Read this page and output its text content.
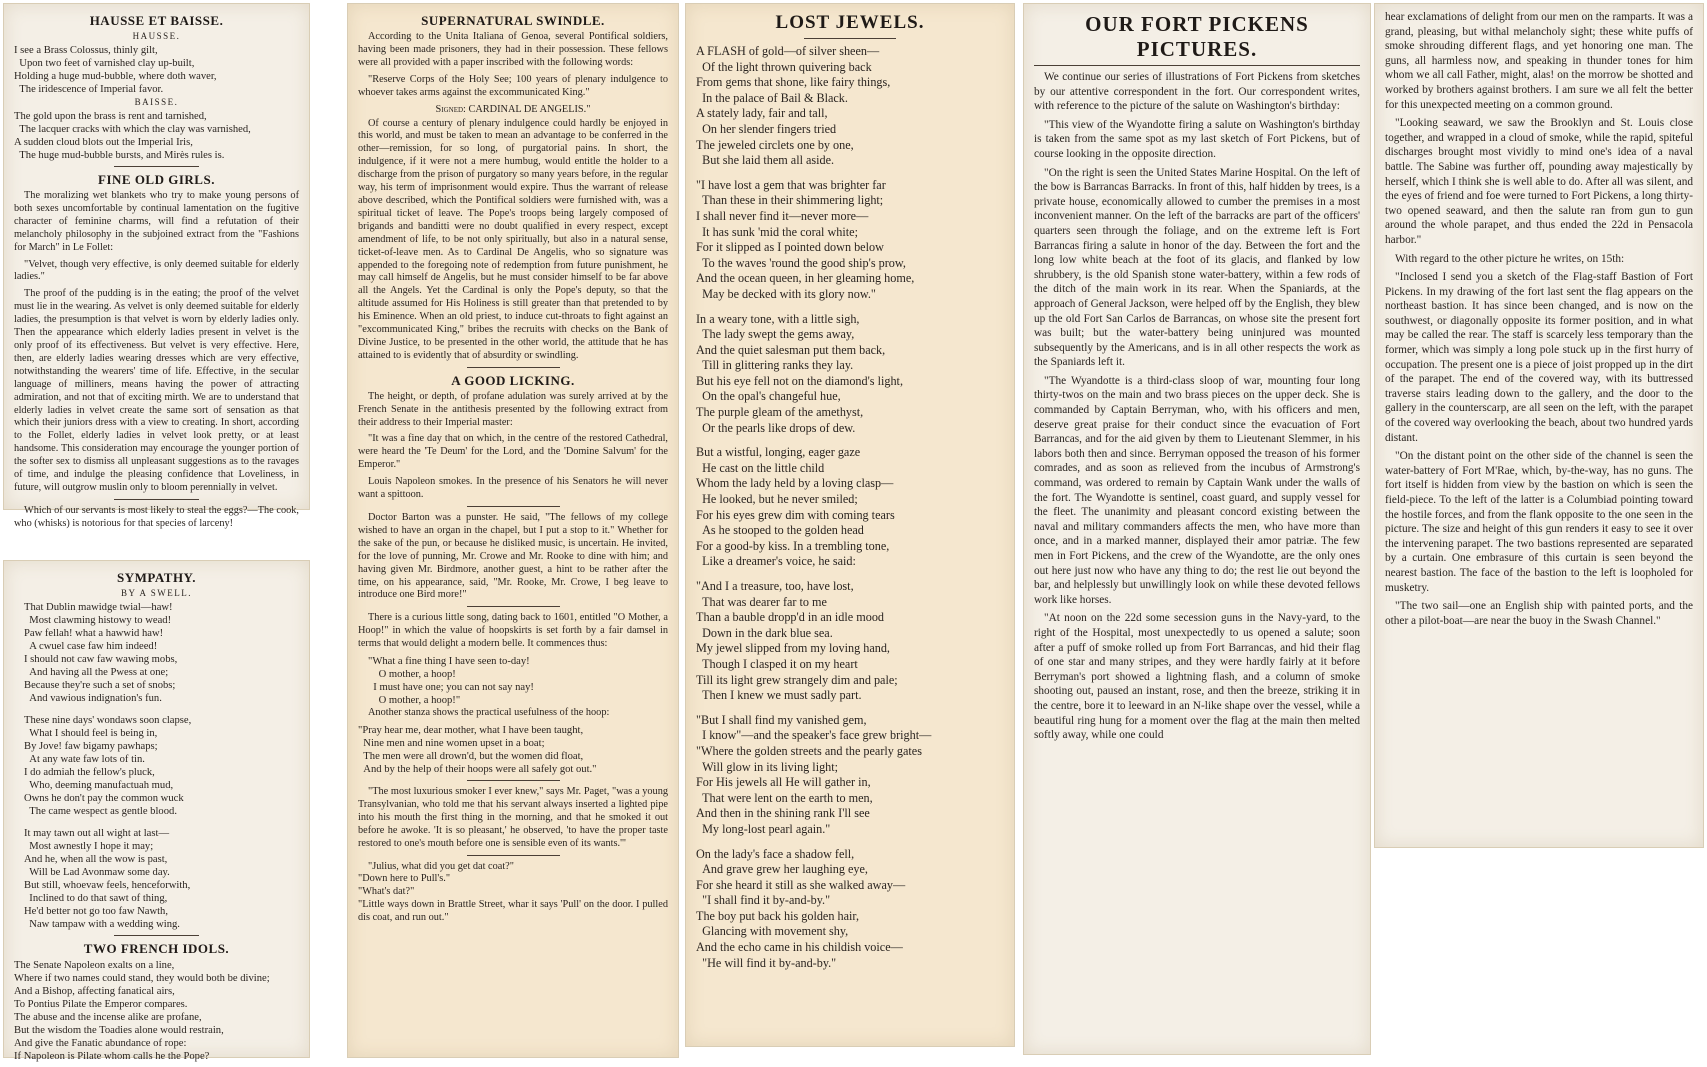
HAUSSE ET BAISSE.
HAUSSE.

I see a Brass Colossus, thinly gilt,
Upon two feet of varnished clay up-built,
Holding a huge mud-bubble, where doth waver,
The iridescence of Imperial favor.

BAISSE.

The gold upon the brass is rent and tarnished,
The lacquer cracks with which the clay was varnished,
A sudden cloud blots out the Imperial Iris,
The huge mud-bubble bursts, and Mirès rules is.

FINE OLD GIRLS.

The moralizing wet blankets who try to make young persons of both sexes uncomfortable by continual lamentation on the fugitive character of feminine charms, will find a refutation of their melancholy philosophy in the subjoined extract from the "Fashions for March" in Le Follet:

"Velvet, though very effective, is only deemed suitable for elderly ladies."

The proof of the pudding is in the eating; the proof of the velvet must lie in the wearing. As velvet is only deemed suitable for elderly ladies, the presumption is that velvet is worn by elderly ladies only. Then the appearance which elderly ladies present in velvet is the only proof of its effectiveness. But velvet is very effective. Here, then, are elderly ladies wearing dresses which are very effective, notwithstanding the wearers' time of life. Effective, in the secular language of milliners, means having the power of attracting admiration, and not that of exciting mirth. We are to understand that elderly ladies in velvet create the same sort of sensation as that which their juniors dress with a view to creating. In short, according to the Follet, elderly ladies in velvet look pretty, or at least handsome. This consideration may encourage the younger portion of the softer sex to dismiss all unpleasant suggestions as to the ravages of time, and indulge the pleasing confidence that Loveliness, in future, will outgrow muslin only to bloom perennially in velvet.

Which of our servants is most likely to steal the eggs?—The cook, who (whisks) is notorious for that species of larceny!

SYMPATHY.
BY A SWELL.

That Dublin mawidge twial—haw!
Most clawming histowy to wead!
Paw fellah! what a hawwid haw!
A cwuel case faw him indeed!
I should not caw faw wawing mobs,
And having all the Pwess at one;
Because they're such a set of snobs;
And vawious indignation's fun.

These nine days' wondaws soon clapse,
What I should feel is being in,
By Jove! faw bigamy pawhaps;
At any wate faw lots of tin.
I do admiah the fellow's pluck,
Who, deeming manufactuah mud,
Owns he don't pay the common wuck
The came wespect as gentle blood.

It may tawn out all wight at last—
Most awnestly I hope it may;
And he, when all the wow is past,
Will be Lad Avonmaw some day.
But still, whoevaw feels, henceforwith,
Inclined to do that sawt of thing,
He'd better not go too faw Nawth,
Naw tampaw with a wedding wing.

TWO FRENCH IDOLS.

The Senate Napoleon exalts on a line,
Where if two names could stand, they would both be divine;
And a Bishop, affecting fanatical airs,
To Pontius Pilate the Emperor compares.
The abuse and the incense alike are profane,
But the wisdom the Toadies alone would restrain,
And give the Fanatic abundance of rope:
If Napoleon is Pilate whom calls he the Pope?

SUPERNATURAL SWINDLE.

According to the Unita Italiana of Genoa, several Pontifical soldiers, having been made prisoners, they had in their possession. These fellows were all provided with a paper inscribed with the following words:

"Reserve Corps of the Holy See; 100 years of plenary indulgence to whoever takes arms against the excommunicated King."

Signed: CARDINAL DE ANGELIS."

Of course a century of plenary indulgence could hardly be enjoyed in this world, and must be taken to mean an advantage to be conferred in the other—remission, for so long, of purgatorial pains. In short, the indulgence, if it were not a mere humbug, would entitle the holder to a discharge from the prison of purgatory so many years before, in the regular way, his term of imprisonment would expire. Thus the warrant of release above described, which the Pontifical soldiers were furnished with, was a spiritual ticket of leave. The Pope's troops being largely composed of brigands and banditti were no doubt qualified in every respect, except amendment of life, to be not only spiritually, but also in a natural sense, ticket-of-leave men. As to Cardinal De Angelis, who so signature was appended to the foregoing note of redemption from future punishment, he may call himself de Angelis, but he must consider himself to be far above all the Angels. Yet the Cardinal is only the Pope's deputy, so that the altitude assumed for His Holiness is still greater than that pretended to by his Eminence. When an old priest, to induce cut-throats to fight against an "excommunicated King," bribes the recruits with checks on the Bank of Divine Justice, to be presented in the other world, the attitude that he has attained to is evidently that of absurdity or swindling.

A GOOD LICKING.

The height, or depth, of profane adulation was surely arrived at by the French Senate in the antithesis presented by the following extract from their address to their Imperial master:

"It was a fine day that on which, in the centre of the restored Cathedral, were heard the 'Te Deum' for the Lord, and the 'Domine Salvum' for the Emperor."

Louis Napoleon smokes. In the presence of his Senators he will never want a spittoon.

Doctor Barton was a punster. He said, "The fellows of my college wished to have an organ in the chapel, but I put a stop to it." Whether for the sake of the pun, or because he disliked music, is uncertain. He invited, for the love of punning, Mr. Crowe and Mr. Rooke to dine with him; and having given Mr. Birdmore, another guest, a hint to be rather after the time, on his appearance, said, "Mr. Rooke, Mr. Crowe, I beg leave to introduce one Bird more!"

There is a curious little song, dating back to 1601, entitled "O Mother, a Hoop!" in which the value of hoopskirts is set forth by a fair damsel in terms that would delight a modern belle. It commences thus:

"What a fine thing I have seen to-day!
O mother, a hoop!
I must have one; you can not say nay!
O mother, a hoop!"

Another stanza shows the practical usefulness of the hoop:

"Pray hear me, dear mother, what I have been taught,
Nine men and nine women upset in a boat;
The men were all drown'd, but the women did float,
And by the help of their hoops were all safely got out."

"The most luxurious smoker I ever knew," says Mr. Paget, "was a young Transylvanian, who told me that his servant always inserted a lighted pipe into his mouth the first thing in the morning, and that he smoked it out before he awoke. 'It is so pleasant,' he observed, 'to have the proper taste restored to one's mouth before one is sensible even of its wants.'"

"Julius, what did you get dat coat?"
"Down here to Pull's."
"What's dat?"
"Little ways down in Brattle Street, whar it says 'Pull' on the door. I pulled dis coat, and run out."

LOST JEWELS.

A FLASH of gold—of silver sheen—
Of the light thrown quivering back
From gems that shone, like fairy things,
In the palace of Bail & Black.
A stately lady, fair and tall,
On her slender fingers tried
The jeweled circlets one by one,
But she laid them all aside.

"I have lost a gem that was brighter far
Than these in their shimmering light;
I shall never find it—never more—
It has sunk 'mid the coral white;
For it slipped as I pointed down below
To the waves 'round the good ship's prow,
And the ocean queen, in her gleaming home,
May be decked with its glory now."

In a weary tone, with a little sigh,
The lady swept the gems away,
And the quiet salesman put them back,
Till in glittering ranks they lay.
But his eye fell not on the diamond's light,
On the opal's changeful hue,
The purple gleam of the amethyst,
Or the pearls like drops of dew.

But a wistful, longing, eager gaze
He cast on the little child
Whom the lady held by a loving clasp—
He looked, but he never smiled;
For his eyes grew dim with coming tears
As he stooped to the golden head
For a good-by kiss. In a trembling tone,
Like a dreamer's voice, he said:

"And I a treasure, too, have lost,
That was dearer far to me
Than a bauble dropp'd in an idle mood
Down in the dark blue sea.
My jewel slipped from my loving hand,
Though I clasped it on my heart
Till its light grew strangely dim and pale;
Then I knew we must sadly part.

"But I shall find my vanished gem,
I know"—and the speaker's face grew bright—
"Where the golden streets and the pearly gates
Will glow in its living light;
For His jewels all He will gather in,
That were lent on the earth to men,
And then in the shining rank I'll see
My long-lost pearl again."

On the lady's face a shadow fell,
And grave grew her laughing eye,
For she heard it still as she walked away—
"I shall find it by-and-by."
The boy put back his golden hair,
Glancing with movement shy,
And the echo came in his childish voice—
"He will find it by-and-by."

OUR FORT PICKENS PICTURES.

We continue our series of illustrations of Fort Pickens from sketches by our attentive correspondent in the fort. Our correspondent writes, with reference to the picture of the salute on Washington's birthday:

"This view of the Wyandotte firing a salute on Washington's birthday is taken from the same spot as my last sketch of Fort Pickens, but of course looking in the opposite direction.

"On the right is seen the United States Marine Hospital. On the left of the bow is Barrancas Barracks. In front of this, half hidden by trees, is a private house, economically allowed to cumber the premises in a most inconvenient manner. On the left of the barracks are part of the officers' quarters seen through the foliage, and on the extreme left is Fort Barrancas firing a salute in honor of the day. Between the fort and the long low white beach at the foot of its glacis, and flanked by low shrubbery, is the old Spanish stone water-battery, within a few rods of the ditch of the main work in its rear. When the Spaniards, at the approach of General Jackson, were helped off by the English, they blew up the old Fort San Carlos de Barrancas, on whose site the present fort was built; but the water-battery being uninjured was mounted subsequently by the Americans, and is in all other respects the work as the Spaniards left it.

"The Wyandotte is a third-class sloop of war, mounting four long thirty-twos on the main and two brass pieces on the upper deck. She is commanded by Captain Berryman, who, with his officers and men, deserve great praise for their conduct since the evacuation of Fort Barrancas, and for the aid given by them to Lieutenant Slemmer, in his labors both then and since. Berryman opposed the treason of his former comrades, and as soon as relieved from the incubus of Armstrong's command, was ordered to remain by Captain Wank under the walls of the fort. The Wyandotte is sentinel, coast guard, and supply vessel for the fleet. The unanimity and pleasant concord existing between the naval and military commanders affects the men, who have more than once, and in a marked manner, displayed their amor patriæ. The few men in Fort Pickens, and the crew of the Wyandotte, are the only ones out here just now who have any thing to do; the rest lie out beyond the bar, and helplessly but unwillingly look on while these devoted fellows work like horses.

"At noon on the 22d some secession guns in the Navy-yard, to the right of the Hospital, most unexpectedly to us opened a salute; soon after a puff of smoke rolled up from Fort Barrancas, and hid their flag of one star and many stripes, and they were hardly fairly at it before Berryman's port showed a lightning flash, and a column of smoke shooting out, paused an instant, rose, and then the breeze, striking it in the centre, bore it to leeward in an N-like shape over the vessel, while a beautiful ring hung for a moment over the flag at the main then melted softly away, while one could

hear exclamations of delight from our men on the ramparts. It was a grand, pleasing, but withal melancholy sight; these white puffs of smoke shrouding different flags, and yet honoring one man. The guns, all harmless now, and speaking in thunder tones for him whom we all call Father, might, alas! on the morrow be shotted and worked by brothers against brothers. I am sure we all felt the better for this unexpected meeting on a common ground.

"Looking seaward, we saw the Brooklyn and St. Louis close together, and wrapped in a cloud of smoke, while the rapid, spiteful discharges brought most vividly to mind one's idea of a naval battle. The Sabine was further off, pounding away majestically by herself, which I think she is well able to do. After all was silent, and the eyes of friend and foe were turned to Fort Pickens, a long thirty-two opened seaward, and then the salute ran from gun to gun around the whole parapet, and thus ended the 22d in Pensacola harbor."

With regard to the other picture he writes, on 15th:

"Inclosed I send you a sketch of the Flag-staff Bastion of Fort Pickens. In my drawing of the fort last sent the flag appears on the northeast bastion. It has since been changed, and is now on the southwest, or diagonally opposite its former position, and in what may be called the rear. The staff is scarcely less temporary than the former, which was simply a long pole stuck up in the first hurry of occupation. The present one is a piece of joist propped up in the dirt of the parapet. The end of the covered way, with its buttressed traverse stairs leading down to the gallery, and the door to the gallery in the counterscarp, are all seen on the left, with the parapet of the covered way overlooking the beach, about two hundred yards distant.

"On the distant point on the other side of the channel is seen the water-battery of Fort M'Rae, which, by-the-way, has no guns. The fort itself is hidden from view by the bastion on which is seen the field-piece. To the left of the latter is a Columbiad pointing toward the hostile forces, and from the flank opposite to the one seen in the picture. The size and height of this gun renders it easy to see it over the intervening parapet. The two bastions represented are separated by a curtain. One embrasure of this curtain is seen beyond the nearest bastion. The face of the bastion to the left is loopholed for musketry.

"The two sail—one an English ship with painted ports, and the other a pilot-boat—are near the buoy in the Swash Channel."
